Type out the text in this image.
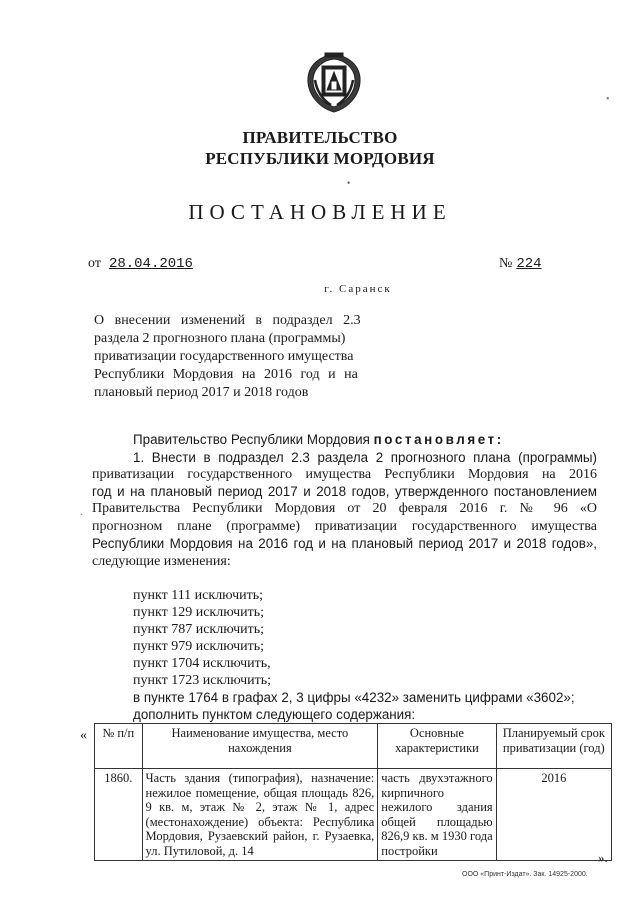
ПРАВИТЕЛЬСТВО
РЕСПУБЛИКИ МОРДОВИЯ
•
ПОСТАНОВЛЕНИЕ
от 28.04.2016	№ 224
г. Саранск
О внесении изменений в подраздел 2.3
раздела 2 прогнозного плана (программы)
приватизации государственного имущества
Республики Мордовия на 2016 год и на
плановый период 2017 и 2018 годов
Правительство Республики Мордовия постановляет:
1. Внести в подраздел 2.3 раздела 2 прогнозного плана (программы)
приватизации государственного имущества Республики Мордовия на 2016
год и на плановый период 2017 и 2018 годов, утвержденного постановлением
Правительства Республики Мордовия от 20 февраля 2016 г. № 96 «О
прогнозном плане (программе) приватизации государственного имущества
Республики Мордовия на 2016 год и на плановый период 2017 и 2018 годов»,
следующие изменения:
пункт 111 исключить;
пункт 129 исключить;
пункт 787 исключить;
пункт 979 исключить;
пункт 1704 исключить,
пункт 1723 исключить;
в пункте 1764 в графах 2, 3 цифры «4232» заменить цифрами «3602»;
дополнить пунктом следующего содержания:
« № п/п	Наименование имущества, место нахождения	Основные характеристики	Планируемый срок приватизации (год)
1860.	Часть здания (типография), назначение: нежилое помещение, общая площадь 826, 9 кв. м, этаж № 2, этаж № 1, адрес (местонахождение) объекта: Республика Мордовия, Рузаевский район, г. Рузаевка, ул. Путиловой, д. 14	часть двухэтажного кирпичного нежилого здания общей площадью 826,9 кв. м 1930 года постройки	2016
».
ООО «Принт-Издат». Зак. 14925-2000.
•
·
